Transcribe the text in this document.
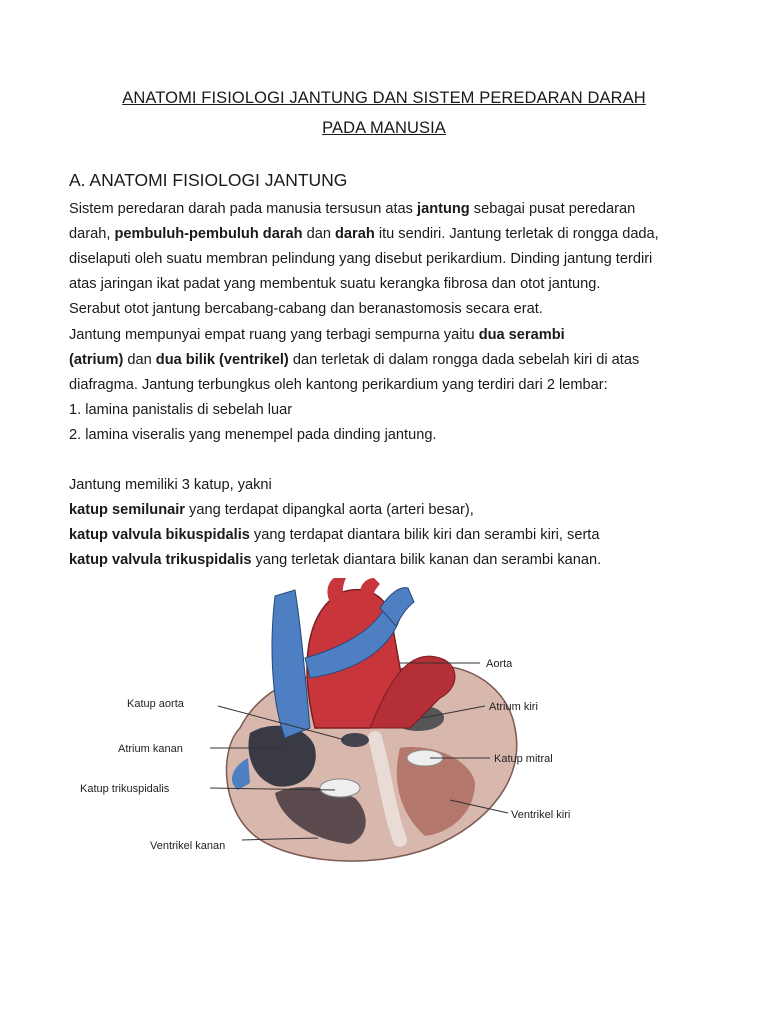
ANATOMI FISIOLOGI JANTUNG DAN SISTEM PEREDARAN DARAH
PADA MANUSIA
A. ANATOMI FISIOLOGI JANTUNG
Sistem peredaran darah pada manusia tersusun atas jantung sebagai pusat peredaran
darah, pembuluh-pembuluh darah dan darah itu sendiri. Jantung terletak di rongga dada,
diselaputi oleh suatu membran pelindung yang disebut perikardium. Dinding jantung terdiri
atas jaringan ikat padat yang membentuk suatu kerangka fibrosa dan otot jantung.
Serabut otot jantung bercabang-cabang dan beranastomosis secara erat.
Jantung mempunyai empat ruang yang terbagi sempurna yaitu dua serambi
(atrium) dan dua bilik (ventrikel) dan terletak di dalam rongga dada sebelah kiri di atas
diafragma. Jantung terbungkus oleh kantong perikardium yang terdiri dari 2 lembar:
1. lamina panistalis di sebelah luar
2. lamina viseralis yang menempel pada dinding jantung.
Jantung memiliki 3 katup, yakni
katup semilunair yang terdapat dipangkal aorta (arteri besar),
katup valvula bikuspidalis yang terdapat diantara bilik kiri dan serambi kiri, serta
katup valvula trikuspidalis yang terletak diantara bilik kanan dan serambi kanan.
Aorta
Katup aorta	Atrium kiri
Atrium kanan
Katup mitral
Katup trikuspidalis
Ventrikel kiri
Ventrikel kanan
